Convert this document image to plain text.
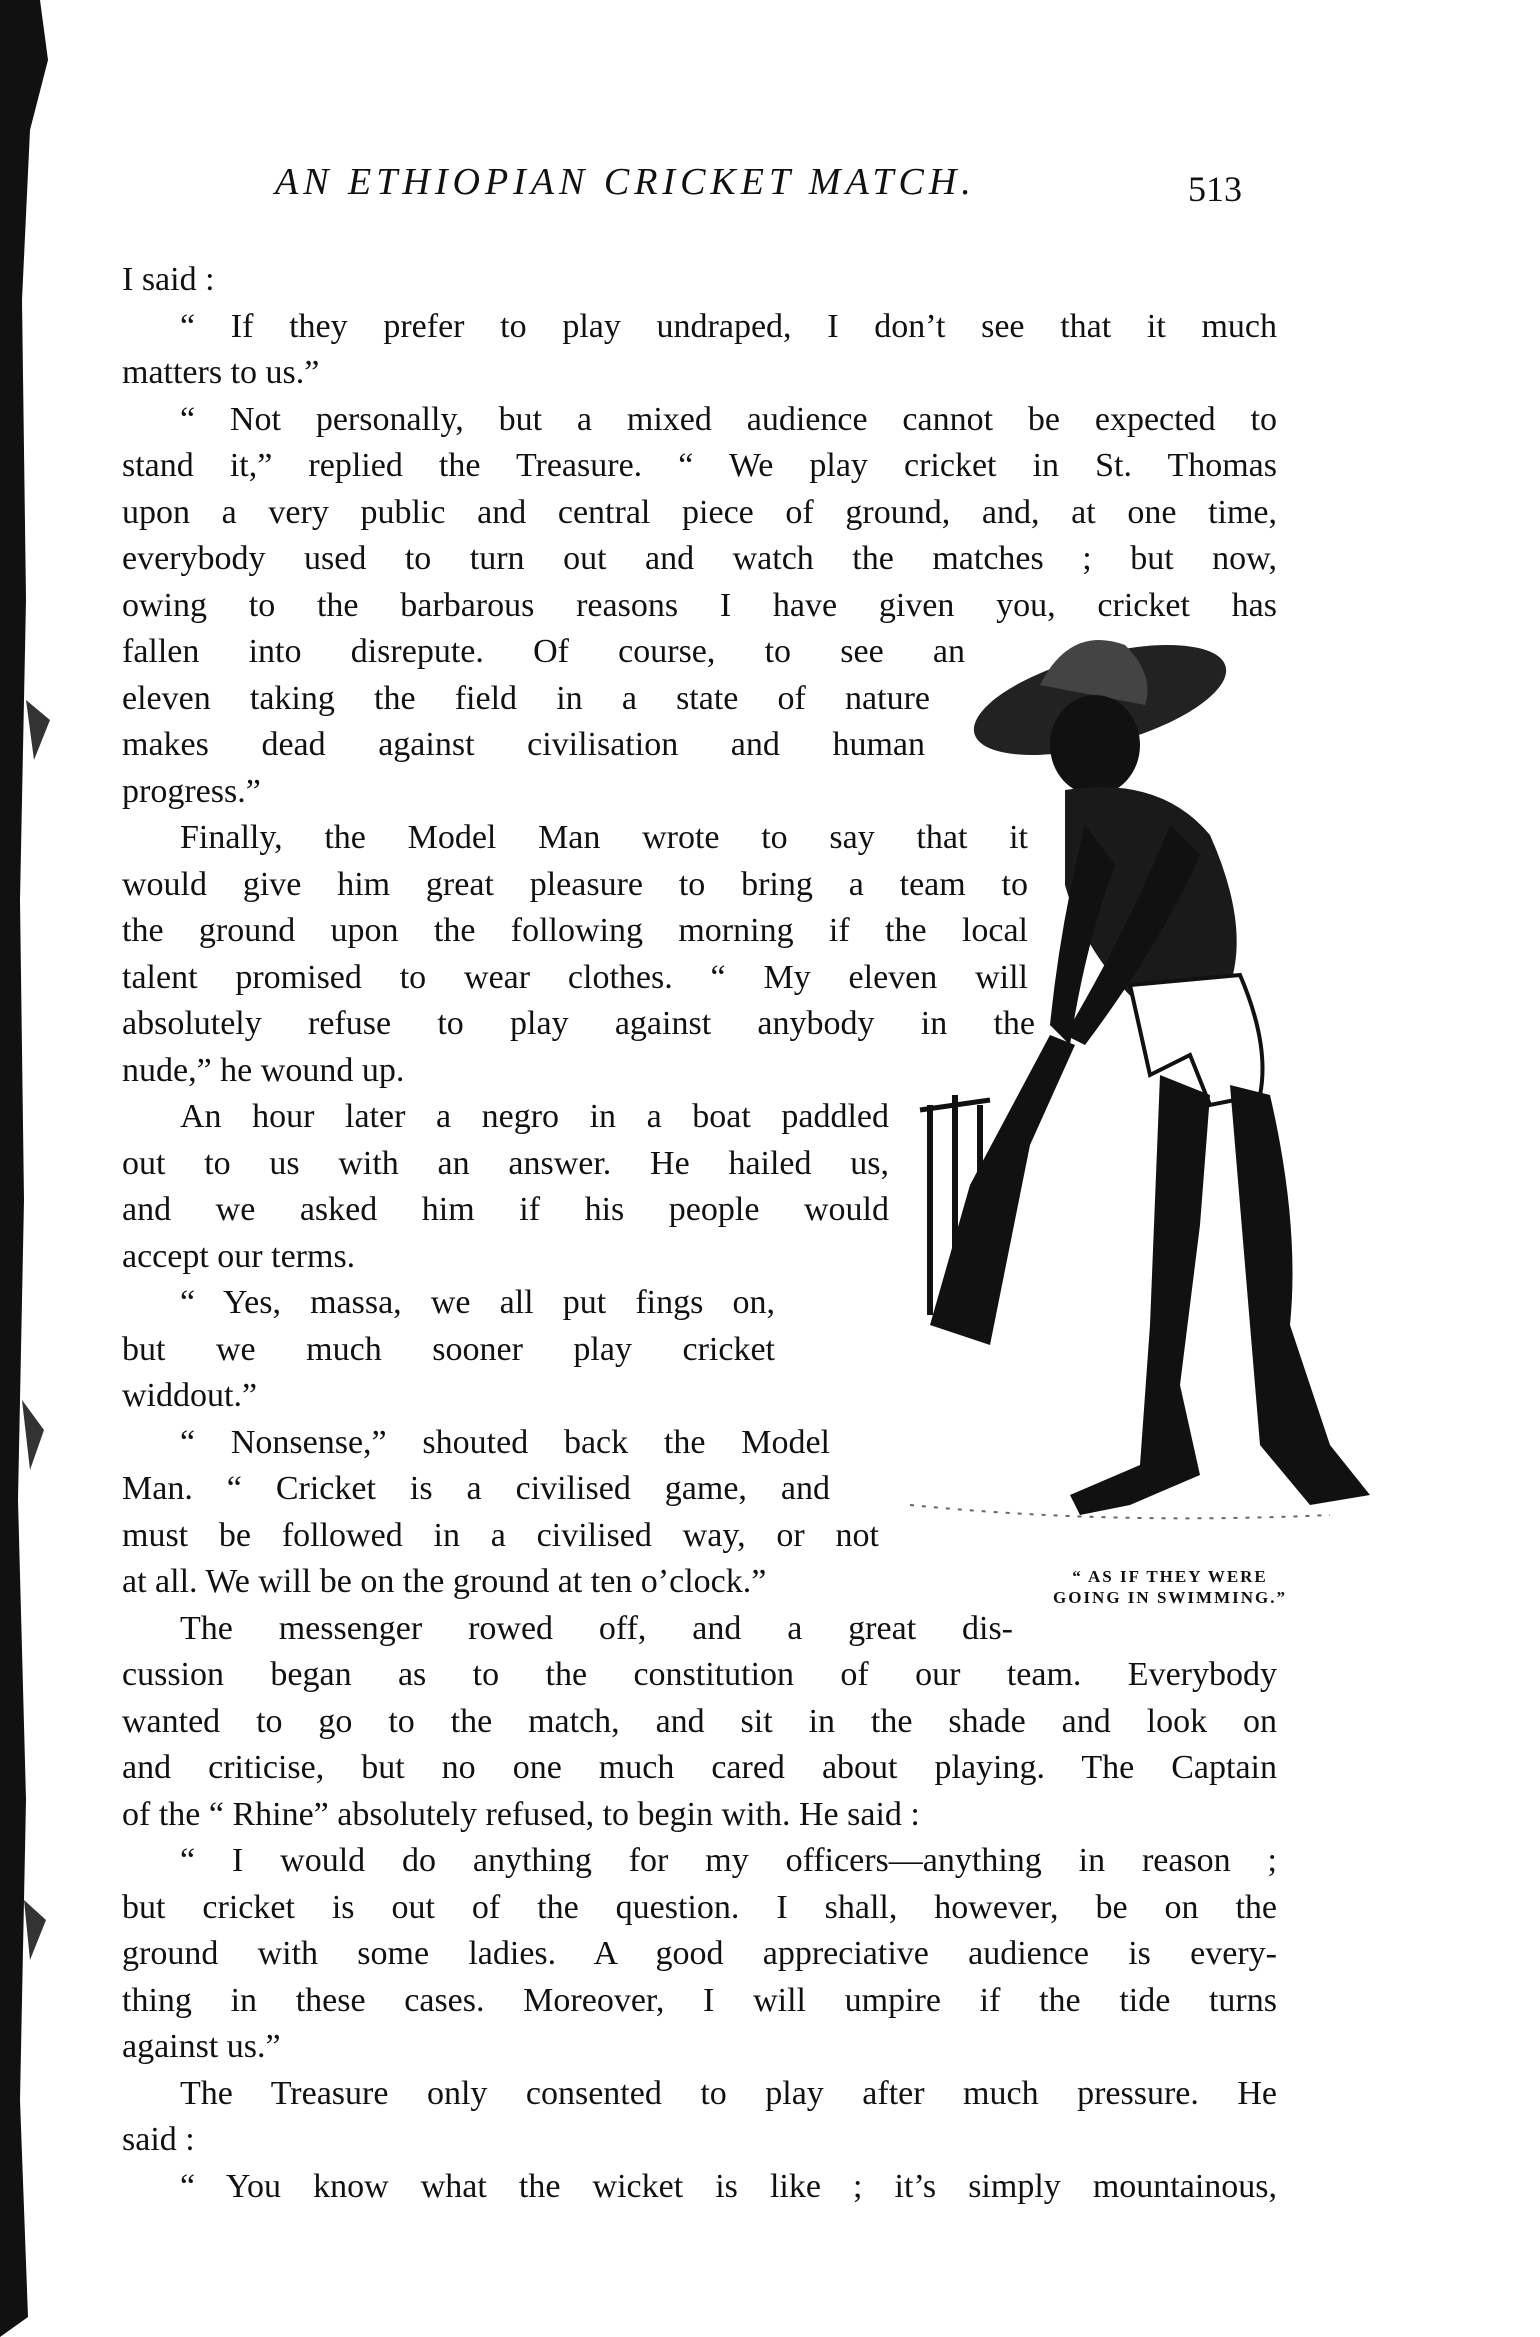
AN ETHIOPIAN CRICKET MATCH.	513
I said :
“ If they prefer to play undraped, I don’t see that it much
matters to us.”
“ Not personally, but a mixed audience cannot be expected to
stand it,” replied the Treasure. “ We play cricket in St. Thomas
upon a very public and central piece of ground, and, at one time,
everybody used to turn out and watch the matches ; but now,
owing to the barbarous reasons I have given you, cricket has
fallen into disrepute. Of course, to see an
eleven taking the field in a state of nature
makes dead against civilisation and human
progress.”
Finally, the Model Man wrote to say that it
would give him great pleasure to bring a team to
the ground upon the following morning if the local
talent promised to wear clothes. “ My eleven will
absolutely refuse to play against anybody in the
nude,” he wound up.
An hour later a negro in a boat paddled
out to us with an answer. He hailed us,
and we asked him if his people would
accept our terms.
“ Yes, massa, we all put fings on,
but we much sooner play cricket
widdout.”
“ Nonsense,” shouted back the Model
Man. “ Cricket is a civilised game, and
must be followed in a civilised way, or not
at all. We will be on the ground at ten o’clock.”
The messenger rowed off, and a great dis-
cussion began as to the constitution of our team. Everybody
wanted to go to the match, and sit in the shade and look on
and criticise, but no one much cared about playing. The Captain
of the “ Rhine” absolutely refused, to begin with. He said :
“ I would do anything for my officers—anything in reason ;
but cricket is out of the question. I shall, however, be on the
ground with some ladies. A good appreciative audience is every-
thing in these cases. Moreover, I will umpire if the tide turns
against us.”
The Treasure only consented to play after much pressure. He
said :
“ You know what the wicket is like ; it’s simply mountainous,
“ AS IF THEY WERE
GOING IN SWIMMING.”
